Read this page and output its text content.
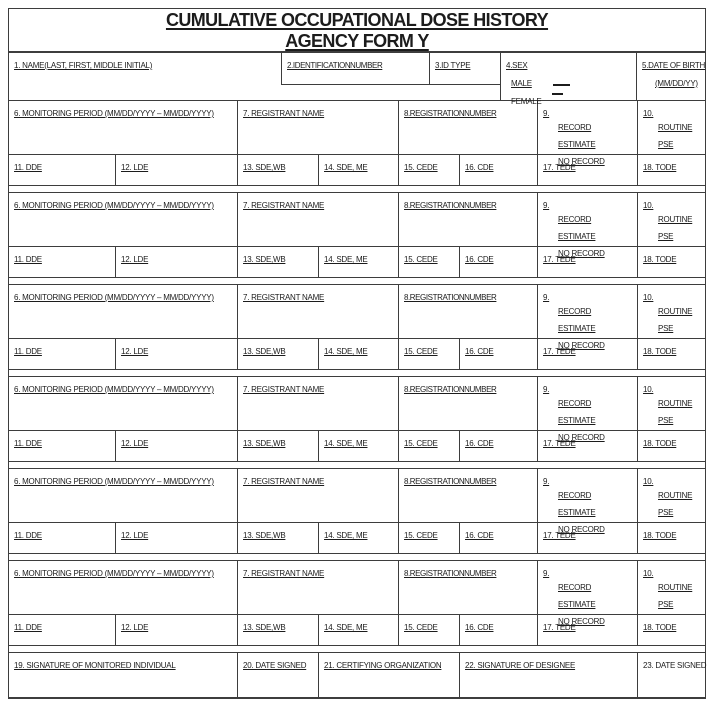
CUMULATIVE OCCUPATIONAL DOSE HISTORY
AGENCY FORM Y
1. NAME(LAST, FIRST, MIDDLE INITIAL)	2.IDENTIFICATION NUMBER	3.ID TYPE	4.SEX
MALE
FEMALE
5.DATE OF BIRTH
(MM/DD/YY)
6. MONITORING PERIOD (MM/DD/YYYY – MM/DD/YYYY)	7. REGISTRANT NAME	8. REGISTRATION NUMBER	9.
RECORD
ESTIMATE
NO RECORD
10.
ROUTINE
PSE
11. DDE	12. LDE	13. SDE,WB	14. SDE, ME	15. CEDE	16. CDE	17. TEDE	18. TODE
6. MONITORING PERIOD (MM/DD/YYYY – MM/DD/YYYY)	7. REGISTRANT NAME	8. REGISTRATION NUMBER	9.
RECORD
ESTIMATE
NO RECORD
10.
ROUTINE
PSE
11. DDE	12. LDE	13. SDE,WB	14. SDE, ME	15. CEDE	16. CDE	17. TEDE	18. TODE
6. MONITORING PERIOD (MM/DD/YYYY – MM/DD/YYYY)	7. REGISTRANT NAME	8. REGISTRATION NUMBER	9.
RECORD
ESTIMATE
NO RECORD
10.
ROUTINE
PSE
11. DDE	12. LDE	13. SDE,WB	14. SDE, ME	15. CEDE	16. CDE	17. TEDE	18. TODE
6. MONITORING PERIOD (MM/DD/YYYY – MM/DD/YYYY)	7. REGISTRANT NAME	8. REGISTRATION NUMBER	9.
RECORD
ESTIMATE
NO RECORD
10.
ROUTINE
PSE
11. DDE	12. LDE	13. SDE,WB	14. SDE, ME	15. CEDE	16. CDE	17. TEDE	18. TODE
6. MONITORING PERIOD (MM/DD/YYYY – MM/DD/YYYY)	7. REGISTRANT NAME	8. REGISTRATION NUMBER	9.
RECORD
ESTIMATE
NO RECORD
10.
ROUTINE
PSE
11. DDE	12. LDE	13. SDE,WB	14. SDE, ME	15. CEDE	16. CDE	17. TEDE	18. TODE
6. MONITORING PERIOD (MM/DD/YYYY – MM/DD/YYYY)	7. REGISTRANT NAME	8. REGISTRATION NUMBER	9.
RECORD
ESTIMATE
NO RECORD
10.
ROUTINE
PSE
11. DDE	12. LDE	13. SDE,WB	14. SDE, ME	15. CEDE	16. CDE	17. TEDE	18. TODE
19. SIGNATURE OF MONITORED INDIVIDUAL	20. DATE SIGNED	21. CERTIFYING ORGANIZATION	22. SIGNATURE OF DESIGNEE	23. DATE SIGNED
